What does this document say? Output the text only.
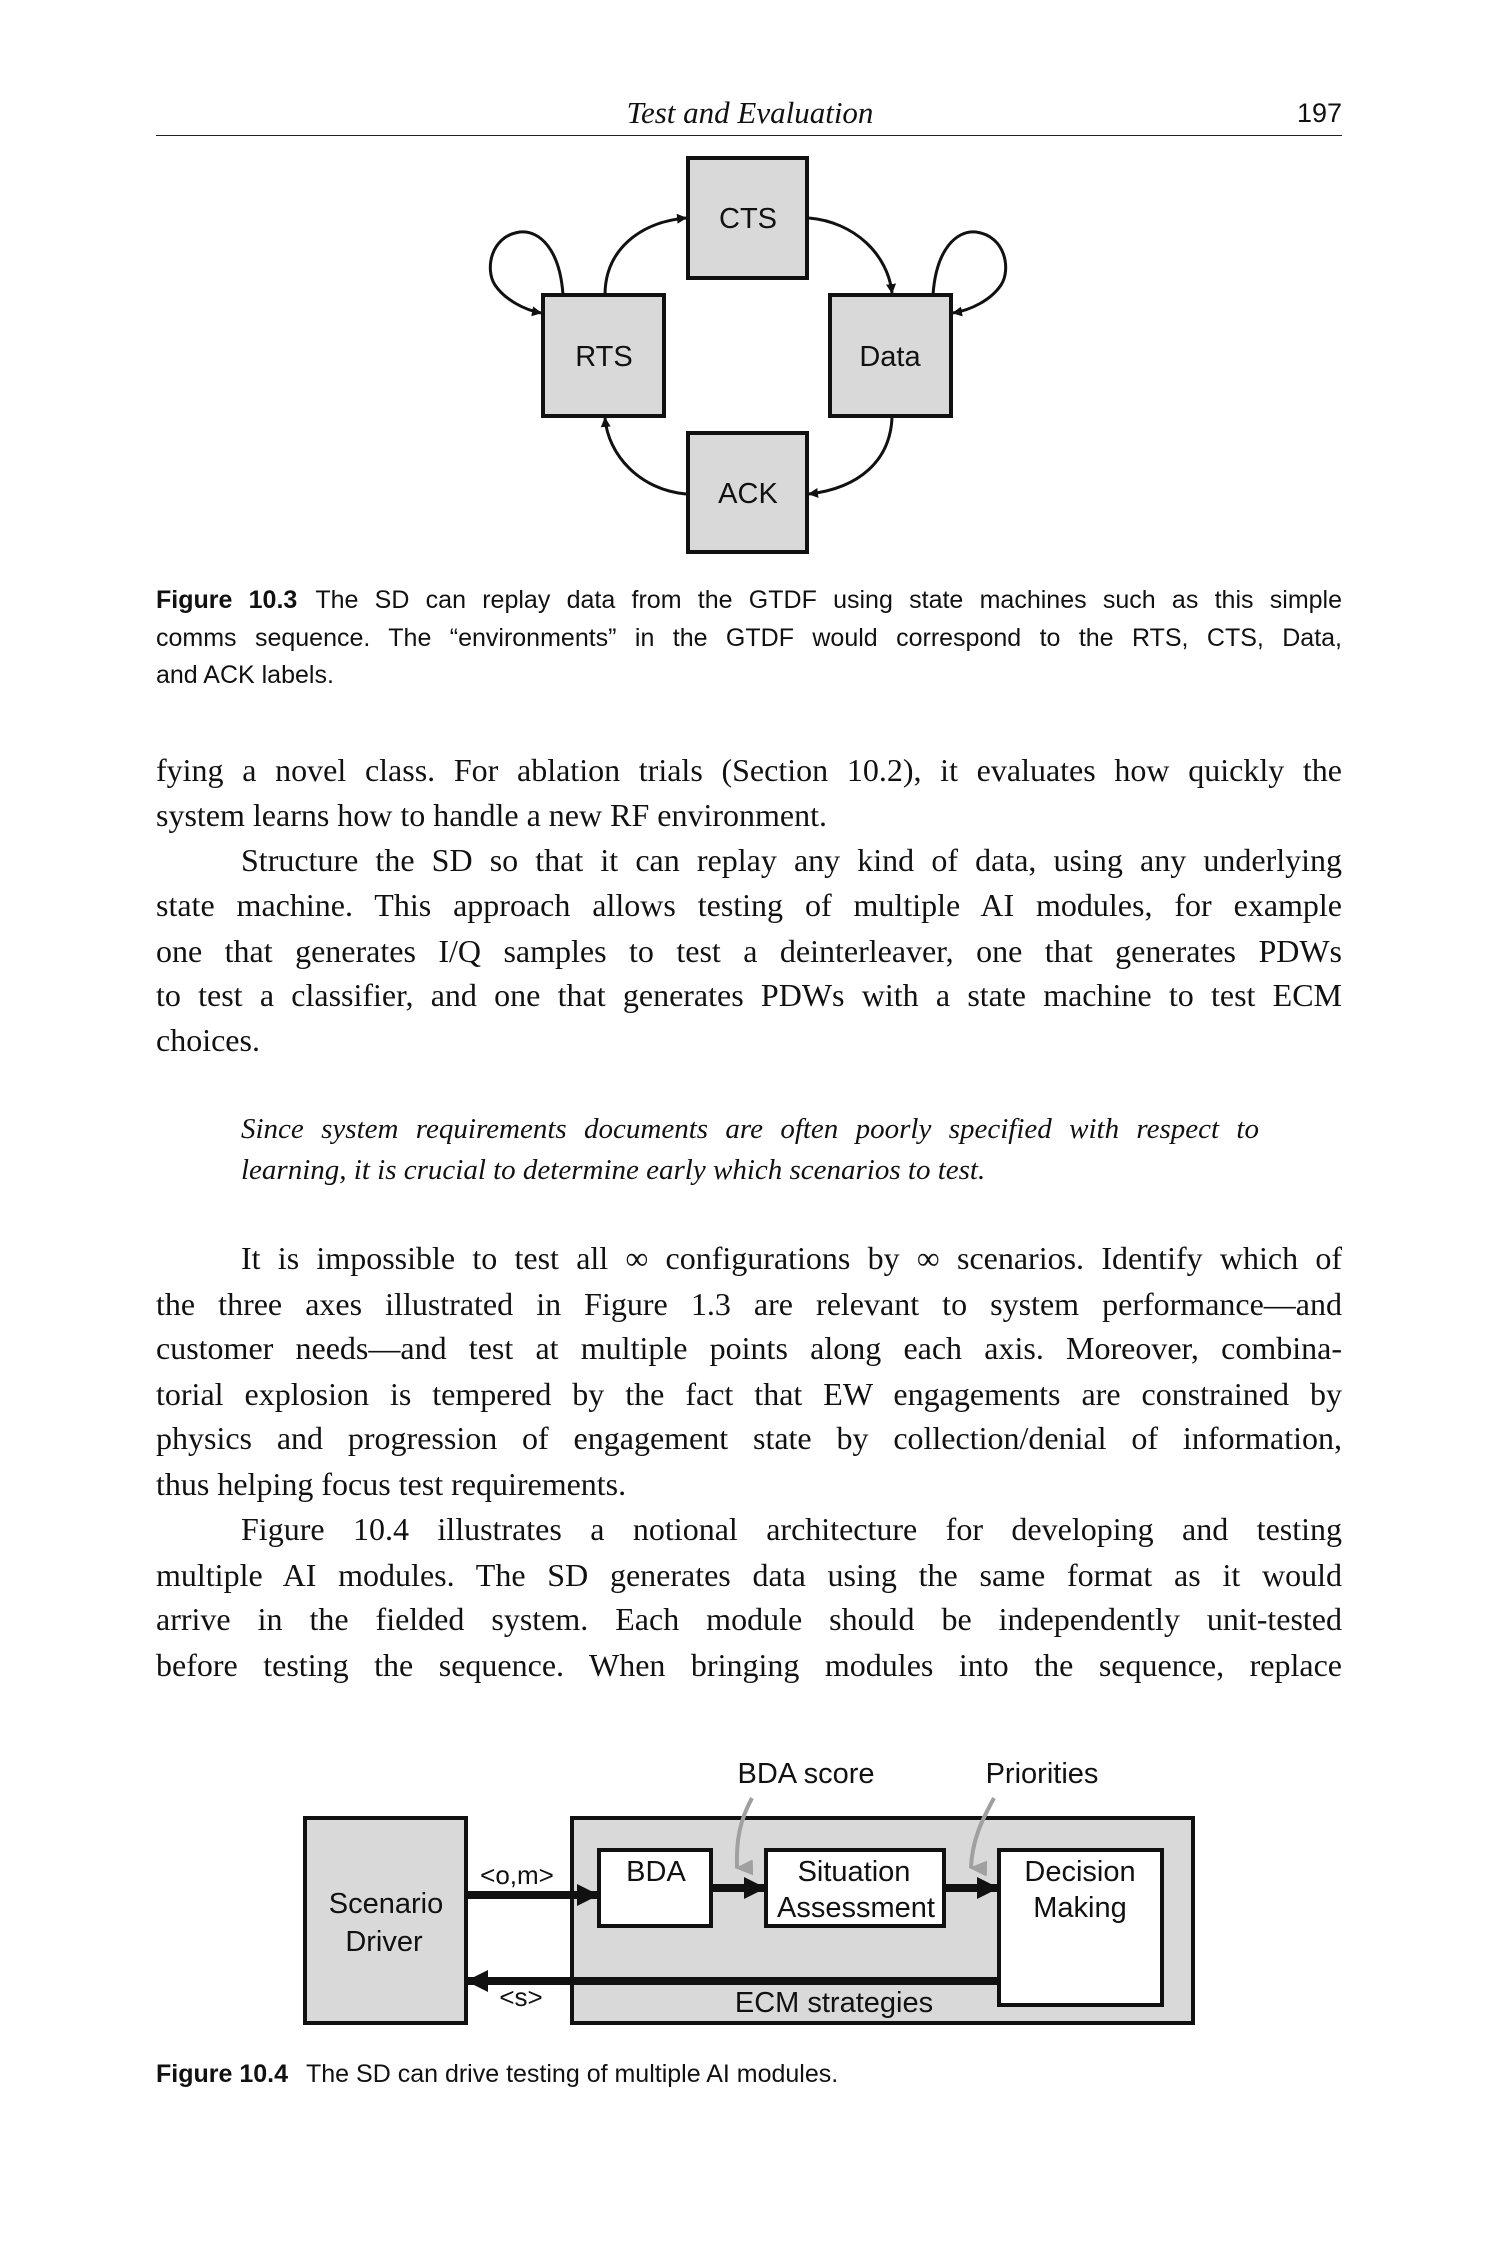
Test and Evaluation	197
CTS
RTS	Data
ACK
Scenario
Driver
BDA	Situation
Assessment
Decision
Making
<o,m>
<s>	ECM strategies
BDA score	Priorities
Figure 10.3 The SD can replay data from the GTDF using state machines such as this simple
comms sequence. The “environments” in the GTDF would correspond to the RTS, CTS, Data,
and ACK labels.
fying a novel class. For ablation trials (Section 10.2), it evaluates how quickly the
system learns how to handle a new RF environment.
Structure the SD so that it can replay any kind of data, using any underlying
state machine. This approach allows testing of multiple AI modules, for example
one that generates I/Q samples to test a deinterleaver, one that generates PDWs
to test a classifier, and one that generates PDWs with a state machine to test ECM
choices.
Since system requirements documents are often poorly specified with respect to
learning, it is crucial to determine early which scenarios to test.
It is impossible to test all ∞ configurations by ∞ scenarios. Identify which of
the three axes illustrated in Figure 1.3 are relevant to system performance—and
customer needs—and test at multiple points along each axis. Moreover, combina-
torial explosion is tempered by the fact that EW engagements are constrained by
physics and progression of engagement state by collection/denial of information,
thus helping focus test requirements.
Figure 10.4 illustrates a notional architecture for developing and testing
multiple AI modules. The SD generates data using the same format as it would
arrive in the fielded system. Each module should be independently unit-tested
before testing the sequence. When bringing modules into the sequence, replace
Figure 10.4 The SD can drive testing of multiple AI modules.
